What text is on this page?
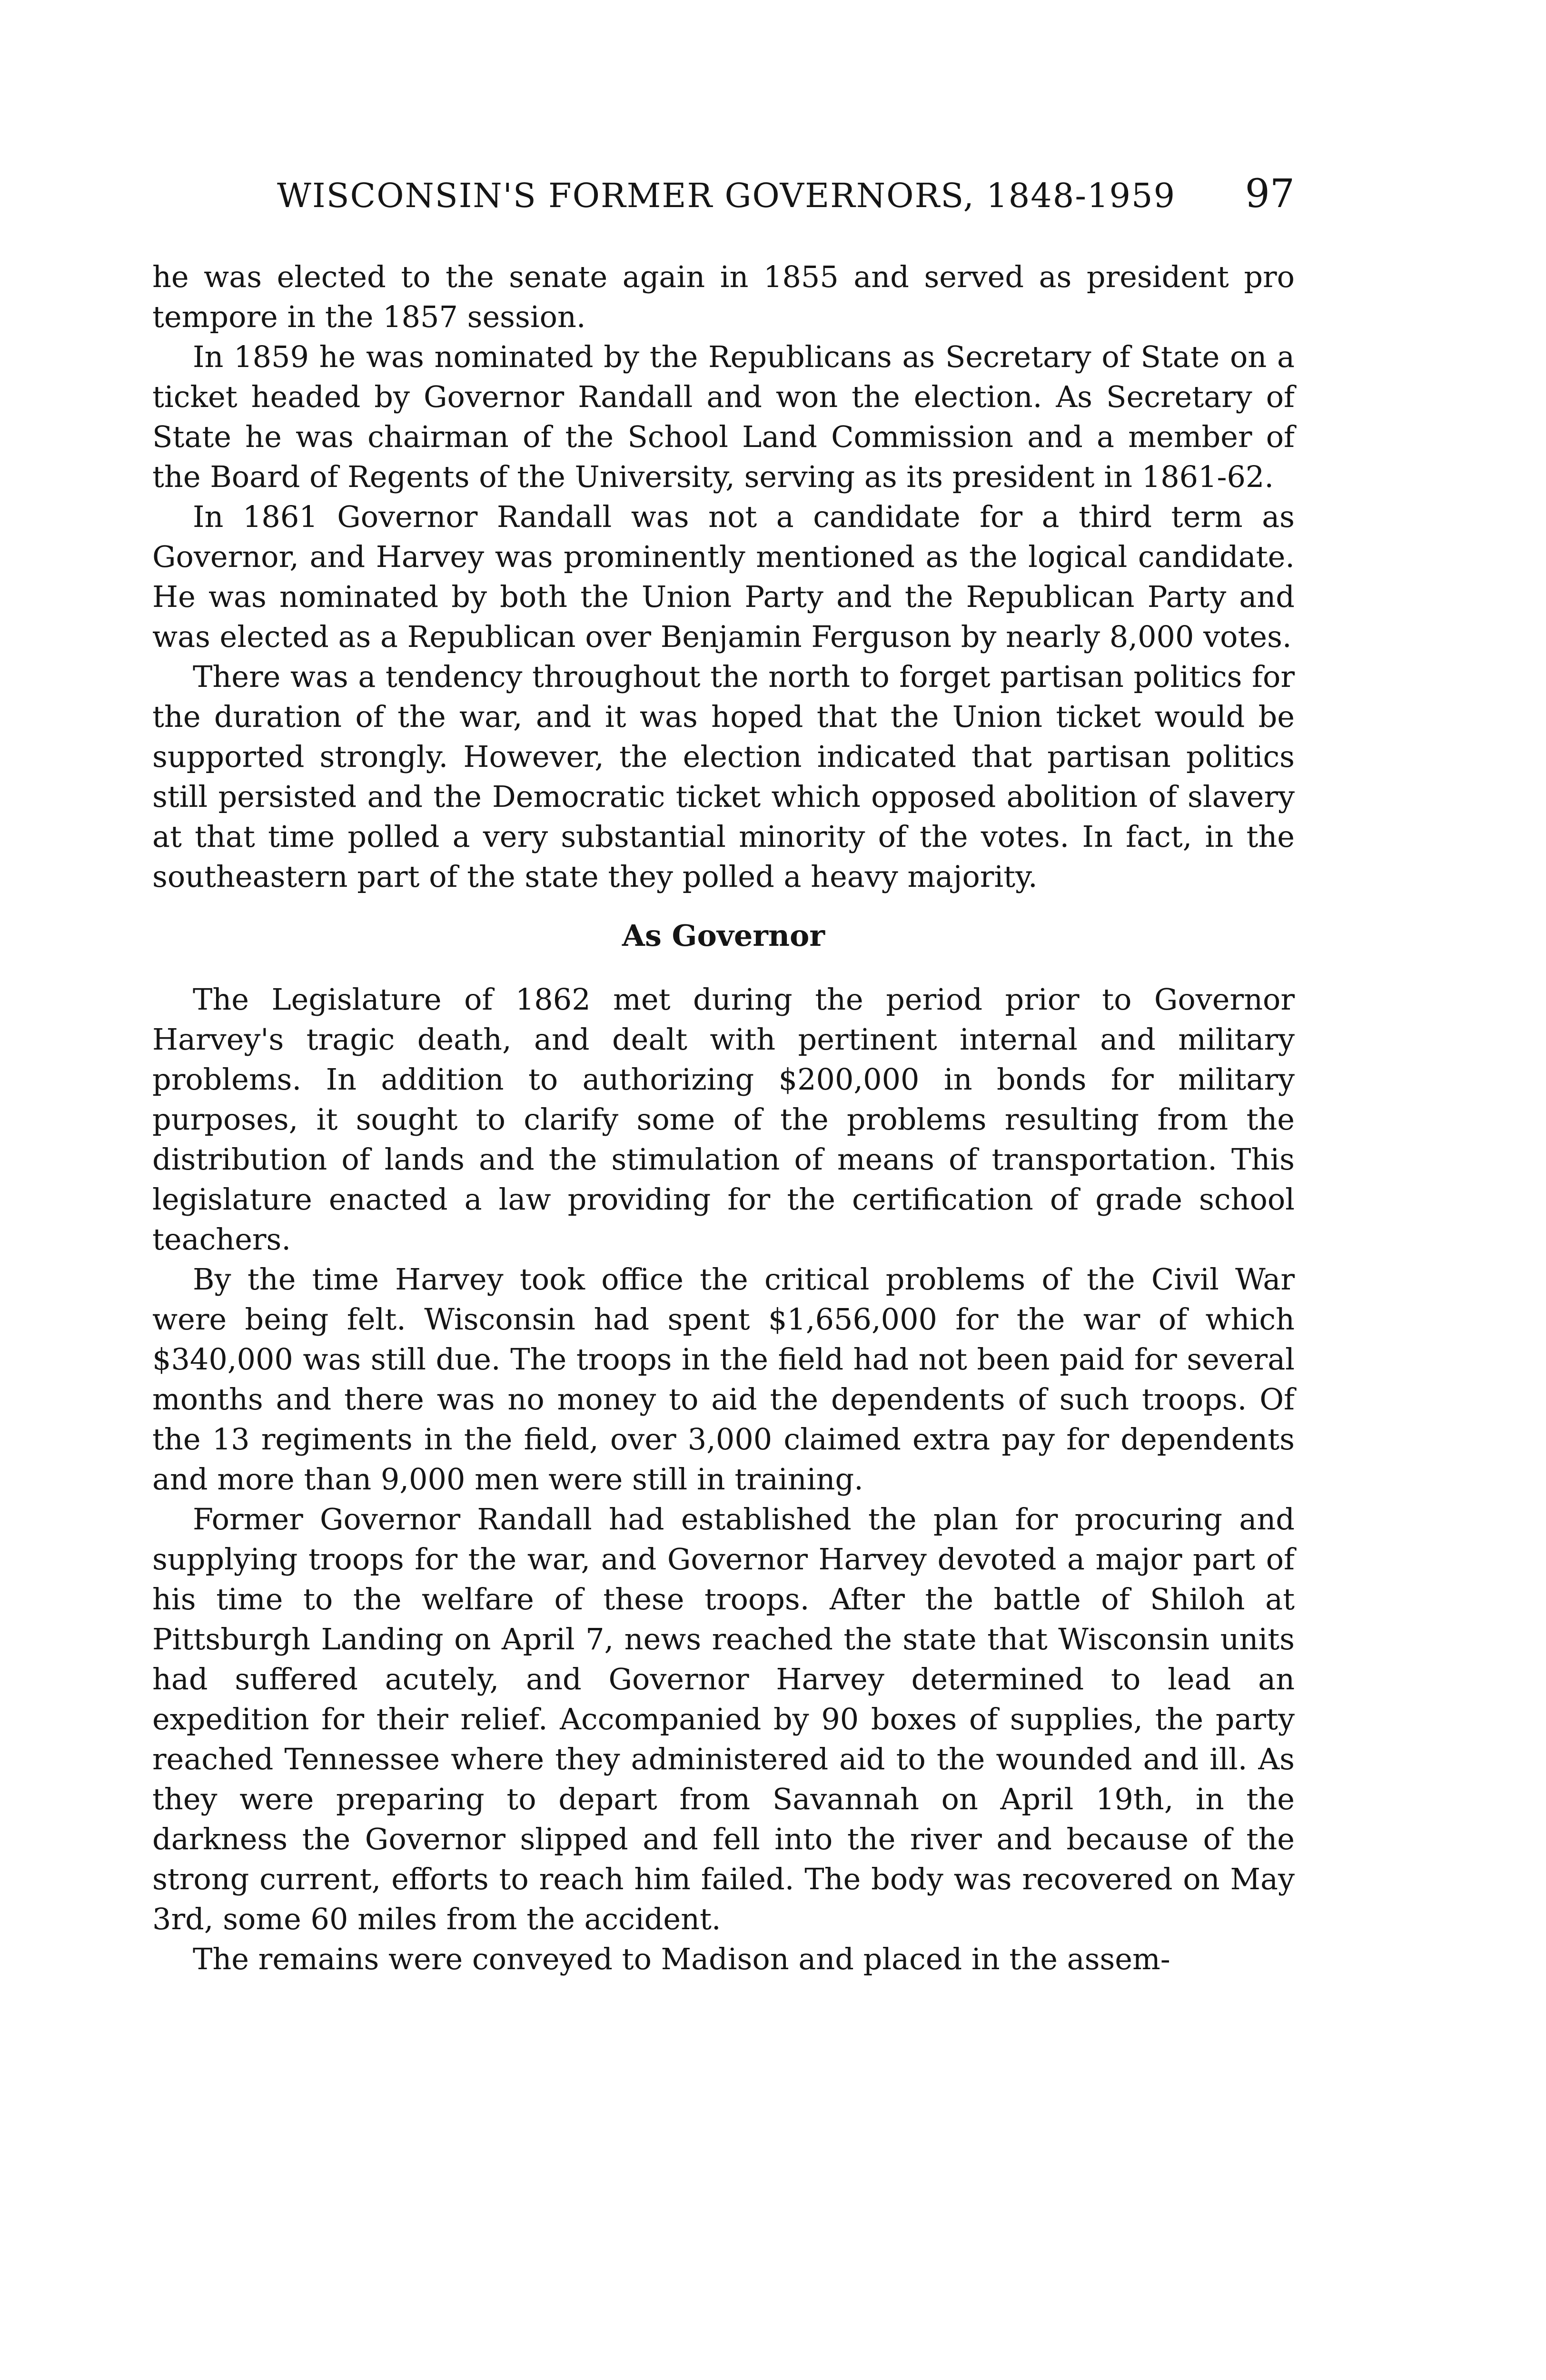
WISCONSIN'S FORMER GOVERNORS, 1848-1959 97

he was elected to the senate again in 1855 and served as president pro tempore in the 1857 session.

In 1859 he was nominated by the Republicans as Secretary of State on a ticket headed by Governor Randall and won the election. As Secretary of State he was chairman of the School Land Commission and a member of the Board of Regents of the University, serving as its president in 1861-62.

In 1861 Governor Randall was not a candidate for a third term as Governor, and Harvey was prominently mentioned as the logical candidate. He was nominated by both the Union Party and the Republican Party and was elected as a Republican over Benjamin Ferguson by nearly 8,000 votes.

There was a tendency throughout the north to forget partisan politics for the duration of the war, and it was hoped that the Union ticket would be supported strongly. However, the election indicated that partisan politics still persisted and the Democratic ticket which opposed abolition of slavery at that time polled a very substantial minority of the votes. In fact, in the southeastern part of the state they polled a heavy majority.

As Governor

The Legislature of 1862 met during the period prior to Governor Harvey's tragic death, and dealt with pertinent internal and military problems. In addition to authorizing $200,000 in bonds for military purposes, it sought to clarify some of the problems resulting from the distribution of lands and the stimulation of means of transportation. This legislature enacted a law providing for the certification of grade school teachers.

By the time Harvey took office the critical problems of the Civil War were being felt. Wisconsin had spent $1,656,000 for the war of which $340,000 was still due. The troops in the field had not been paid for several months and there was no money to aid the dependents of such troops. Of the 13 regiments in the field, over 3,000 claimed extra pay for dependents and more than 9,000 men were still in training.

Former Governor Randall had established the plan for procuring and supplying troops for the war, and Governor Harvey devoted a major part of his time to the welfare of these troops. After the battle of Shiloh at Pittsburgh Landing on April 7, news reached the state that Wisconsin units had suffered acutely, and Governor Harvey determined to lead an expedition for their relief. Accompanied by 90 boxes of supplies, the party reached Tennessee where they administered aid to the wounded and ill. As they were preparing to depart from Savannah on April 19th, in the darkness the Governor slipped and fell into the river and because of the strong current, efforts to reach him failed. The body was recovered on May 3rd, some 60 miles from the accident.

The remains were conveyed to Madison and placed in the assem-
